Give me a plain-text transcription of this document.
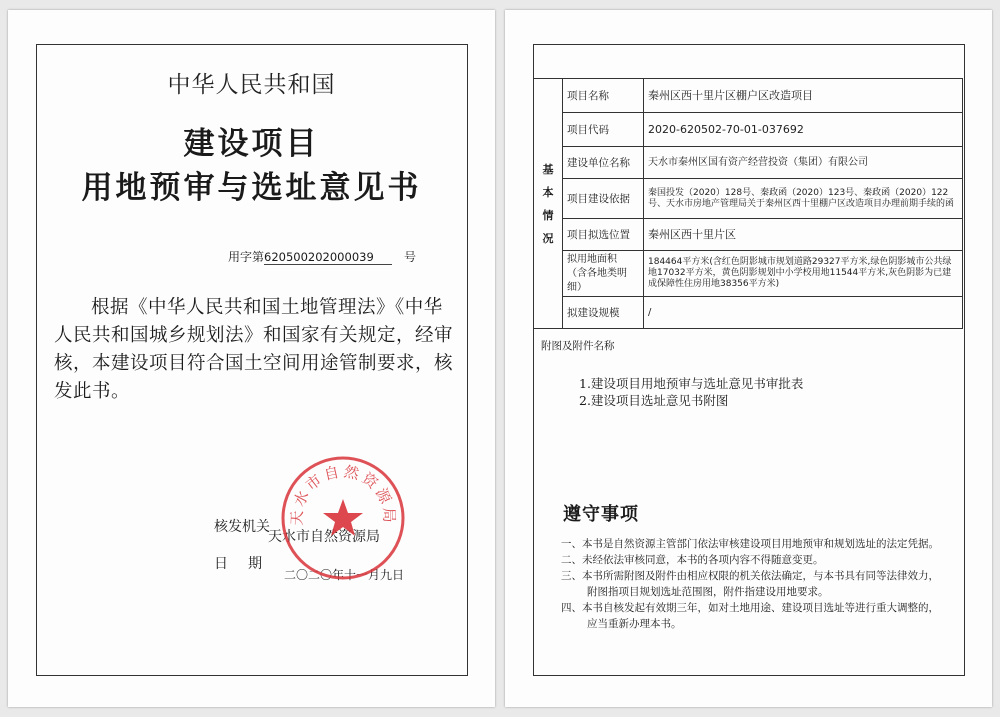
中华人民共和国
建设项目
用地预审与选址意见书
用字第620500202000039	号
根据《中华人民共和国土地管理法》《中华人民共和国城乡规划法》和国家有关规定，经审核，本建设项目符合国土空间用途管制要求，核发此书。
核发机关
天水市自然资源局
日期
二〇二〇年十一月九日
天水市自然资源局
基
本
情
况	项目名称	秦州区西十里片区棚户区改造项目
	项目代码	2020-620502-70-01-037692
	建设单位名称	天水市秦州区国有资产经营投资（集团）有限公司
	项目建设依据	秦国投发（2020）128号、秦政函（2020）123号、秦政函（2020）122号、天水市房地产管理局关于秦州区西十里棚户区改造项目办理前期手续的函
	项目拟选位置	秦州区西十里片区
	拟用地面积
（含各地类明细）	184464平方米(含红色阴影城市规划道路29327平方米,绿色阴影城市公共绿地17032平方米，黄色阴影规划中小学校用地11544平方米,灰色阴影为已建成保障性住房用地38356平方米)
	拟建设规模	/
附图及附件名称
1.建设项目用地预审与选址意见书审批表
2.建设项目选址意见书附图
遵守事项
一、本书是自然资源主管部门依法审核建设项目用地预审和规划选址的法定凭据。
二、未经依法审核同意，本书的各项内容不得随意变更。
三、本书所需附图及附件由相应权限的机关依法确定，与本书具有同等法律效力，附图指项目规划选址范围图，附件指建设用地要求。
四、本书自核发起有效期三年，如对土地用途、建设项目选址等进行重大调整的，应当重新办理本书。
